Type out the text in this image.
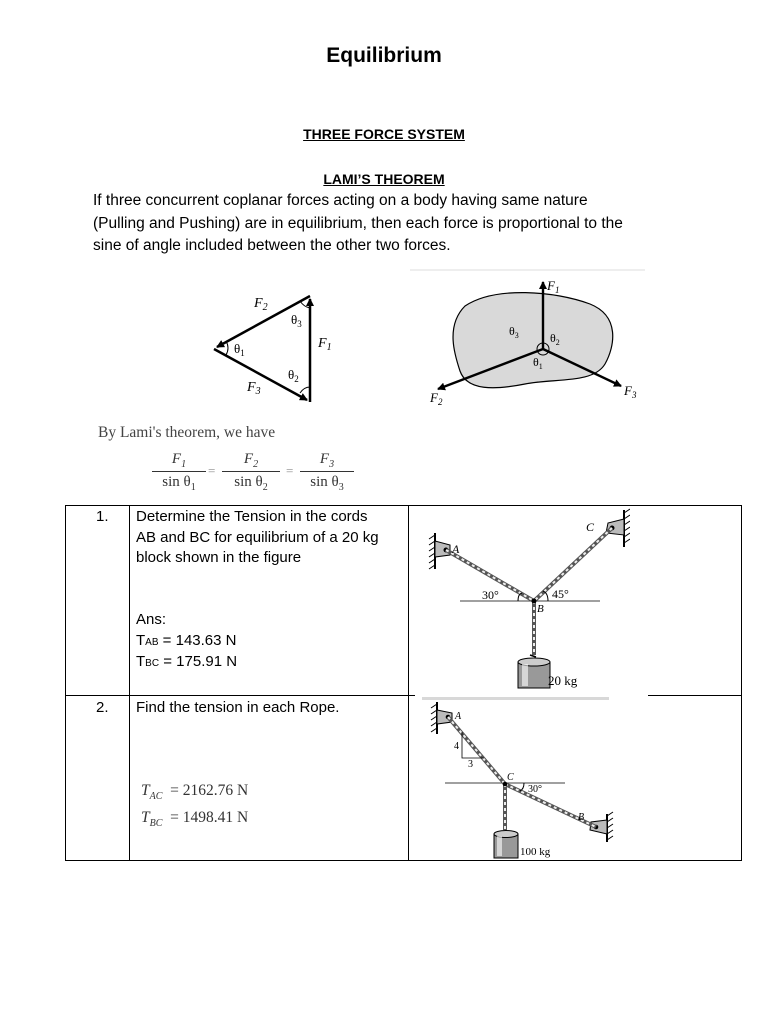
Equilibrium
THREE FORCE SYSTEM
LAMI’S THEOREM
If three concurrent coplanar forces acting on a body having same nature
(Pulling and Pushing) are in equilibrium, then each force is proportional to the
sine of angle included between the other two forces.
$F_2$
$F_1$
$F_3$
$\theta_1$
$\theta_3$
$\theta_2$
$F_1$
$F_2$
$F_3$
$\theta_3$	$\theta_2$
$\theta_1$
By Lami's theorem, we have
$\frac{F_1}{\sin \theta_1} = \frac{F_2}{\sin \theta_2} = \frac{F_3}{\sin \theta_3}$
1. Determine the Tension in the cords
AB and BC for equilibrium of a 20 kg
block shown in the figure
Ans:
TAB = 143.63 N
TBC = 175.91 N
A
C
B
30°	45°
20 kg
2. Find the tension in each Rope.
$T_{AC} = 2162.76$ N
$T_{BC} = 1498.41$ N
4
3
A
C
B
30°
100 kg
